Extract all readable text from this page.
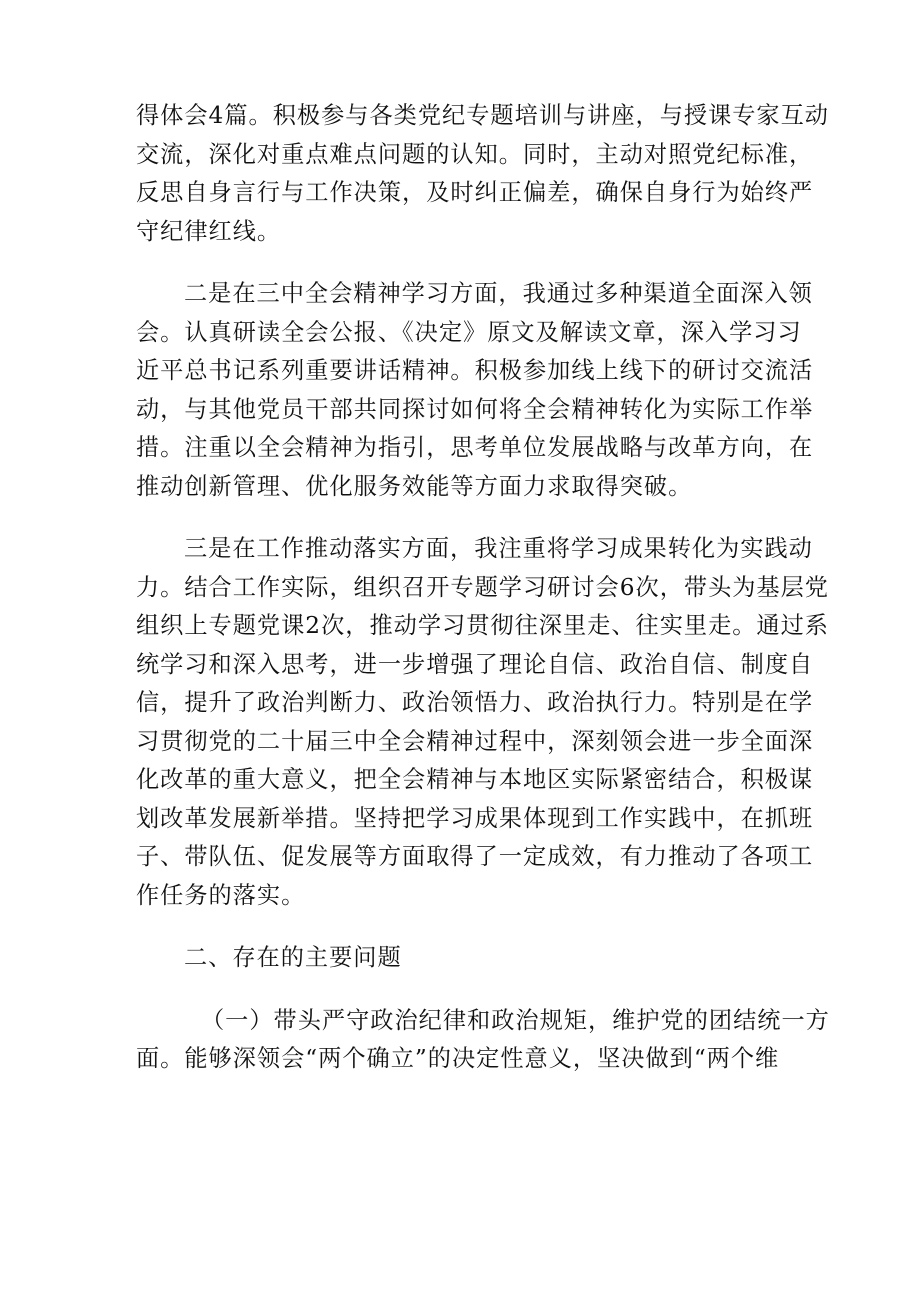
得体会4篇。积极参与各类党纪专题培训与讲座，与授课专家互动
交流，深化对重点难点问题的认知。同时，主动对照党纪标准，
反思自身言行与工作决策，及时纠正偏差，确保自身行为始终严
守纪律红线。
二是在三中全会精神学习方面，我通过多种渠道全面深入领
会。认真研读全会公报、《决定》原文及解读文章，深入学习习
近平总书记系列重要讲话精神。积极参加线上线下的研讨交流活
动，与其他党员干部共同探讨如何将全会精神转化为实际工作举
措。注重以全会精神为指引，思考单位发展战略与改革方向，在
推动创新管理、优化服务效能等方面力求取得突破。
三是在工作推动落实方面，我注重将学习成果转化为实践动
力。结合工作实际，组织召开专题学习研讨会6次，带头为基层党
组织上专题党课2次，推动学习贯彻往深里走、往实里走。通过系
统学习和深入思考，进一步增强了理论自信、政治自信、制度自
信，提升了政治判断力、政治领悟力、政治执行力。特别是在学
习贯彻党的二十届三中全会精神过程中，深刻领会进一步全面深
化改革的重大意义，把全会精神与本地区实际紧密结合，积极谋
划改革发展新举措。坚持把学习成果体现到工作实践中，在抓班
子、带队伍、促发展等方面取得了一定成效，有力推动了各项工
作任务的落实。
二、存在的主要问题
（一）带头严守政治纪律和政治规矩，维护党的团结统一方
面。能够深领会“两个确立”的决定性意义，坚决做到“两个维
